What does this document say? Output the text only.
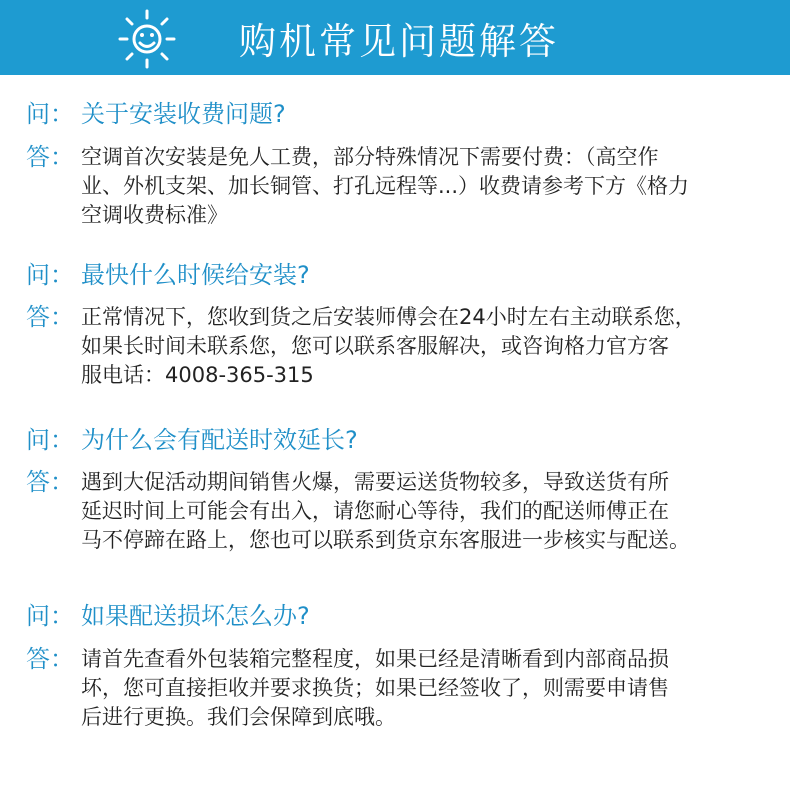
购机常见问题解答
问： 关于安装收费问题?
答： 空调首次安装是免人工费，部分特殊情况下需要付费：（高空作
业、外机支架、加长铜管、打孔远程等...）收费请参考下方《格力
空调收费标准》
问： 最快什么时候给安装?
答： 正常情况下，您收到货之后安装师傅会在24小时左右主动联系您，
如果长时间未联系您，您可以联系客服解决，或咨询格力官方客
服电话：4008-365-315
问： 为什么会有配送时效延长?
答： 遇到大促活动期间销售火爆，需要运送货物较多，导致送货有所
延迟时间上可能会有出入，请您耐心等待，我们的配送师傅正在
马不停蹄在路上，您也可以联系到货京东客服进一步核实与配送。
问： 如果配送损坏怎么办?
答： 请首先查看外包装箱完整程度，如果已经是清晰看到内部商品损
坏，您可直接拒收并要求换货；如果已经签收了，则需要申请售
后进行更换。我们会保障到底哦。
